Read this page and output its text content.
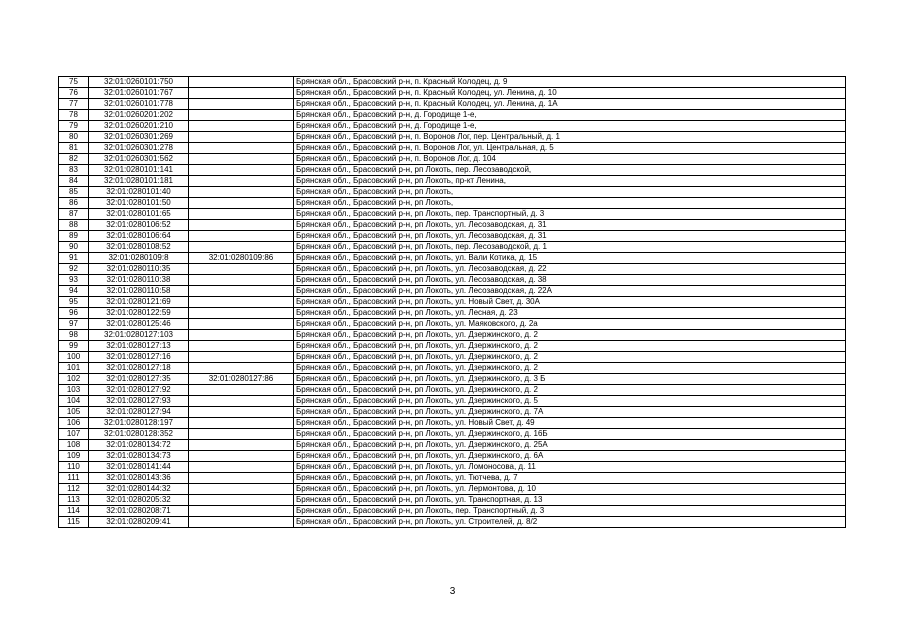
75	32:01:0260101:750		Брянская обл., Брасовский р-н, п. Красный Колодец, д. 9
76	32:01:0260101:767		Брянская обл., Брасовский р-н, п. Красный Колодец, ул. Ленина, д. 10
77	32:01:0260101:778		Брянская обл., Брасовский р-н, п. Красный Колодец, ул. Ленина, д. 1А
78	32:01:0260201:202		Брянская обл., Брасовский р-н, д. Городище 1-е,
79	32:01:0260201:210		Брянская обл., Брасовский р-н, д. Городище 1-е,
80	32:01:0260301:269		Брянская обл., Брасовский р-н, п. Воронов Лог, пер. Центральный, д. 1
81	32:01:0260301:278		Брянская обл., Брасовский р-н, п. Воронов Лог, ул. Центральная, д. 5
82	32:01:0260301:562		Брянская обл., Брасовский р-н, п. Воронов Лог, д. 104
83	32:01:0280101:141		Брянская обл., Брасовский р-н, рп Локоть, пер. Лесозаводской,
84	32:01:0280101:181		Брянская обл., Брасовский р-н, рп Локоть, пр-кт Ленина,
85	32:01:0280101:40		Брянская обл., Брасовский р-н, рп Локоть,
86	32:01:0280101:50		Брянская обл., Брасовский р-н, рп Локоть,
87	32:01:0280101:65		Брянская обл., Брасовский р-н, рп Локоть, пер. Транспортный, д. 3
88	32:01:0280106:52		Брянская обл., Брасовский р-н, рп Локоть, ул. Лесозаводская, д. 31
89	32:01:0280106:64		Брянская обл., Брасовский р-н, рп Локоть, ул. Лесозаводская, д. 31
90	32:01:0280108:52		Брянская обл., Брасовский р-н, рп Локоть, пер. Лесозаводской, д. 1
91	32:01:0280109:8	32:01:0280109:86	Брянская обл., Брасовский р-н, рп Локоть, ул. Вали Котика, д. 15
92	32:01:0280110:35		Брянская обл., Брасовский р-н, рп Локоть, ул. Лесозаводская, д. 22
93	32:01:0280110:38		Брянская обл., Брасовский р-н, рп Локоть, ул. Лесозаводская, д. 38
94	32:01:0280110:58		Брянская обл., Брасовский р-н, рп Локоть, ул. Лесозаводская, д. 22А
95	32:01:0280121:69		Брянская обл., Брасовский р-н, рп Локоть, ул. Новый Свет, д. 30А
96	32:01:0280122:59		Брянская обл., Брасовский р-н, рп Локоть, ул. Лесная, д. 23
97	32:01:0280125:46		Брянская обл., Брасовский р-н, рп Локоть, ул. Маяковского, д. 2а
98	32:01:0280127:103		Брянская обл., Брасовский р-н, рп Локоть, ул. Дзержинского, д. 2
99	32:01:0280127:13		Брянская обл., Брасовский р-н, рп Локоть, ул. Дзержинского, д. 2
100	32:01:0280127:16		Брянская обл., Брасовский р-н, рп Локоть, ул. Дзержинского, д. 2
101	32:01:0280127:18		Брянская обл., Брасовский р-н, рп Локоть, ул. Дзержинского, д. 2
102	32:01:0280127:35	32:01:0280127:86	Брянская обл., Брасовский р-н, рп Локоть, ул. Дзержинского, д. 3 Б
103	32:01:0280127:92		Брянская обл., Брасовский р-н, рп Локоть, ул. Дзержинского, д. 2
104	32:01:0280127:93		Брянская обл., Брасовский р-н, рп Локоть, ул. Дзержинского, д. 5
105	32:01:0280127:94		Брянская обл., Брасовский р-н, рп Локоть, ул. Дзержинского, д. 7А
106	32:01:0280128:197		Брянская обл., Брасовский р-н, рп Локоть, ул. Новый Свет, д. 49
107	32:01:0280128:352		Брянская обл., Брасовский р-н, рп Локоть, ул. Дзержинского, д. 16Б
108	32:01:0280134:72		Брянская обл., Брасовский р-н, рп Локоть, ул. Дзержинского, д. 25А
109	32:01:0280134:73		Брянская обл., Брасовский р-н, рп Локоть, ул. Дзержинского, д. 6А
110	32:01:0280141:44		Брянская обл., Брасовский р-н, рп Локоть, ул. Ломоносова, д. 11
111	32:01:0280143:36		Брянская обл., Брасовский р-н, рп Локоть, ул. Тютчева, д. 7
112	32:01:0280144:32		Брянская обл., Брасовский р-н, рп Локоть, ул. Лермонтова, д. 10
113	32:01:0280205:32		Брянская обл., Брасовский р-н, рп Локоть, ул. Транспортная, д. 13
114	32:01:0280208:71		Брянская обл., Брасовский р-н, рп Локоть, пер. Транспортный, д. 3
115	32:01:0280209:41		Брянская обл., Брасовский р-н, рп Локоть, ул. Строителей, д. 8/2
3
